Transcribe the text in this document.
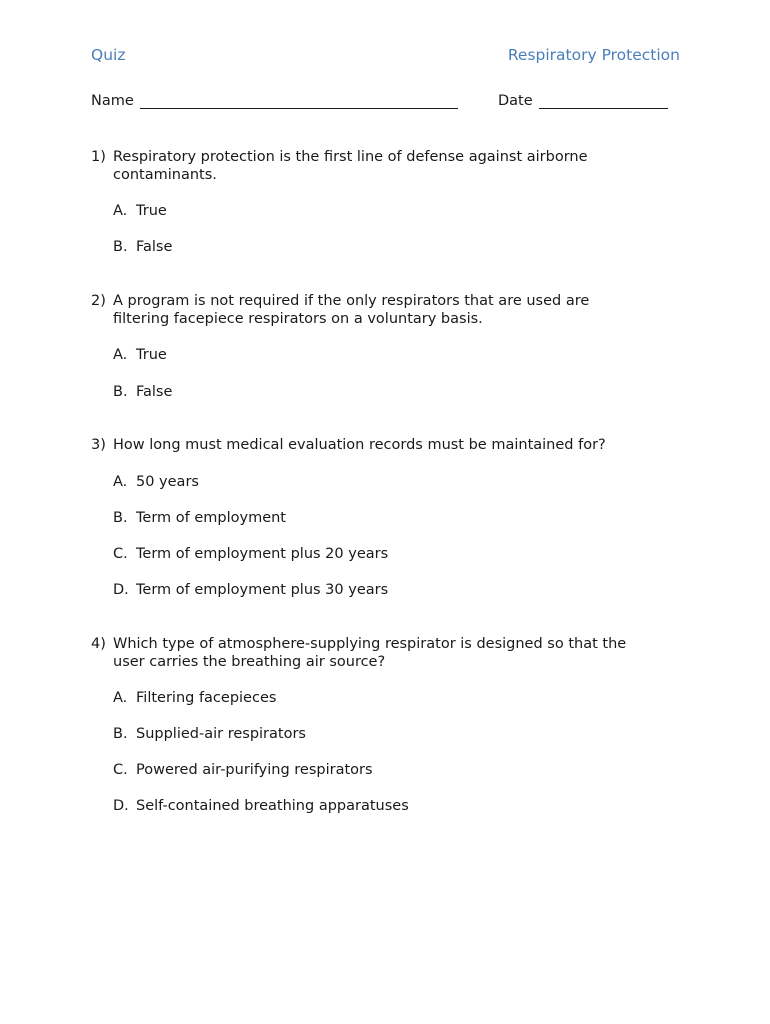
Quiz	Respiratory Protection
Name	Date
1) Respiratory protection is the first line of defense against airborne contaminants.
A. True
B. False
2) A program is not required if the only respirators that are used are filtering facepiece respirators on a voluntary basis.
A. True
B. False
3) How long must medical evaluation records must be maintained for?
A. 50 years
B. Term of employment
C. Term of employment plus 20 years
D. Term of employment plus 30 years
4) Which type of atmosphere-supplying respirator is designed so that the user carries the breathing air source?
A. Filtering facepieces
B. Supplied-air respirators
C. Powered air-purifying respirators
D. Self-contained breathing apparatuses
